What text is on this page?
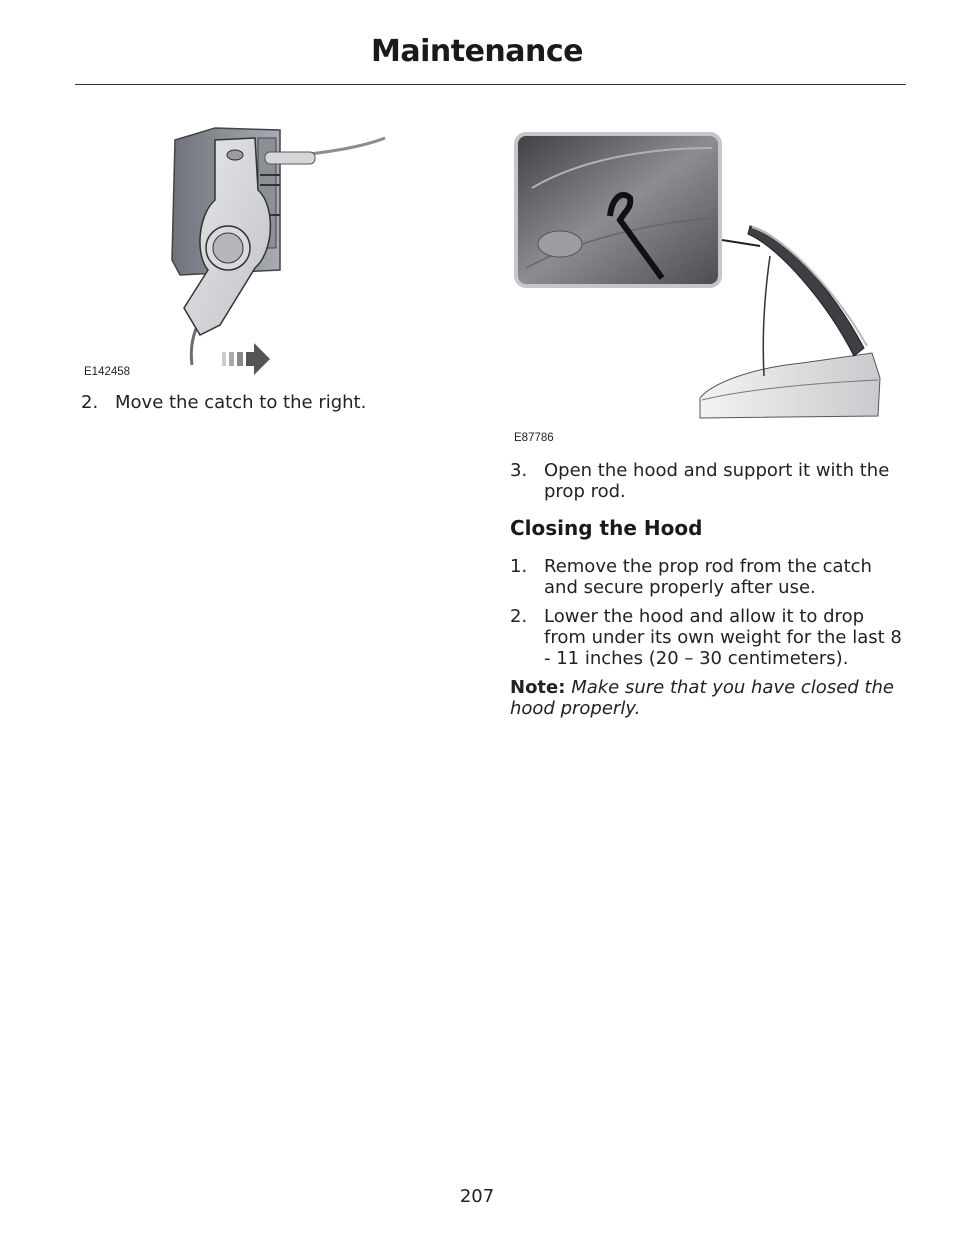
Maintenance
E142458
2. Move the catch to the right.
E87786
3. Open the hood and support it with the prop rod.
Closing the Hood
1. Remove the prop rod from the catch and secure properly after use.
2. Lower the hood and allow it to drop from under its own weight for the last 8 - 11 inches (20 – 30 centimeters).
Note: Make sure that you have closed the hood properly.
207
